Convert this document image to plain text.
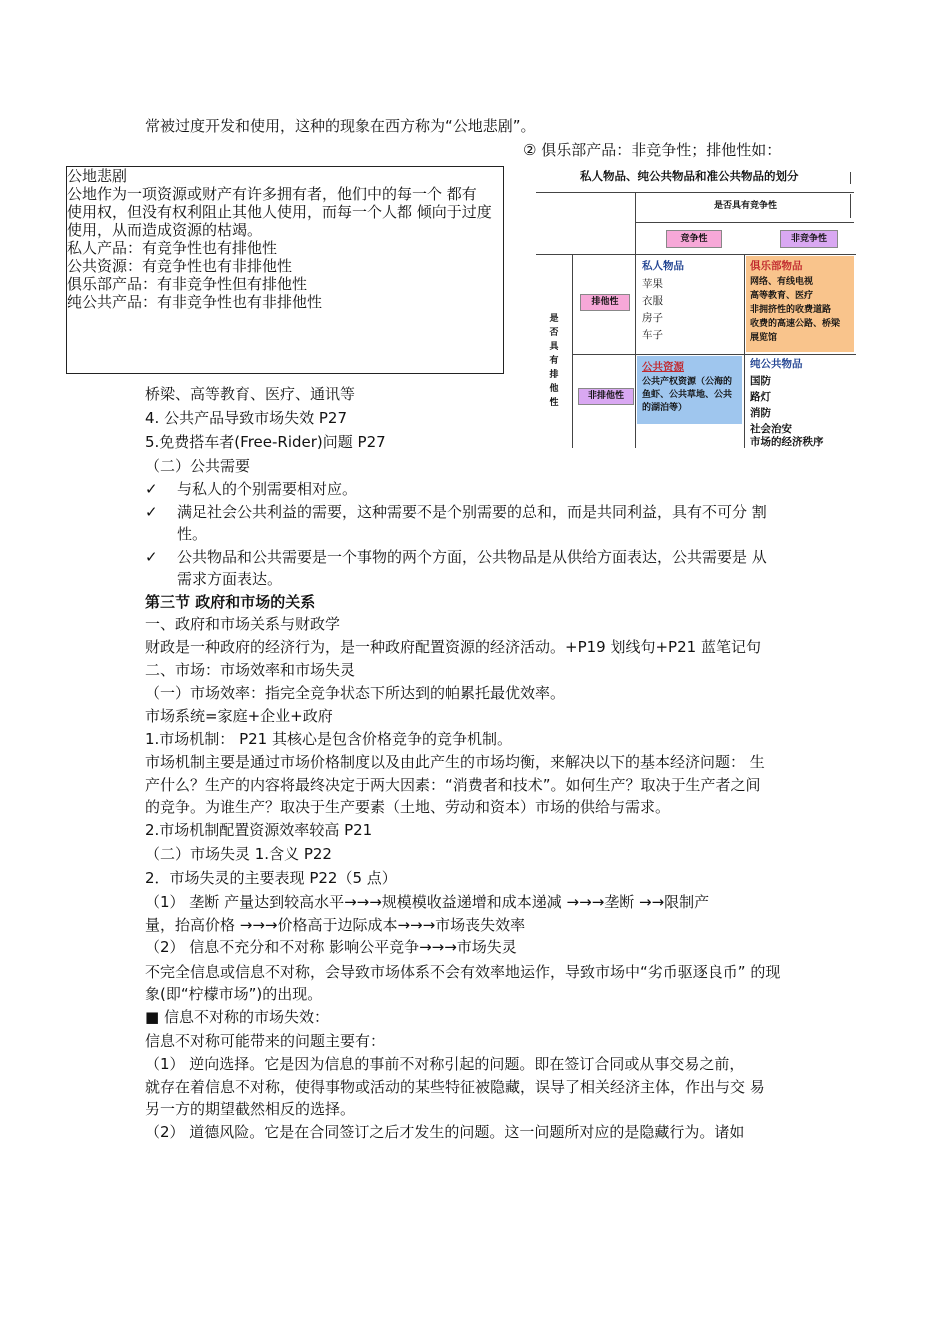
常被过度开发和使用，这种的现象在西方称为“公地悲剧”。
② 俱乐部产品：非竞争性；排他性如：
公地悲剧
公地作为一项资源或财产有许多拥有者，他们中的每一个 都有
使用权，但没有权利阻止其他人使用，而每一个人都 倾向于过度
使用，从而造成资源的枯竭。
私人产品：有竞争性也有排他性
公共资源：有竞争性也有非排他性
俱乐部产品：有非竞争性但有排他性
纯公共产品：有非竞争性也有非排他性
私人物品、纯公共物品和准公共物品的划分
是否具有竞争性
竞争性	非竞争性
是否具有排他性
排他性
非排他性
私人物品
苹果
衣服
房子
车子
俱乐部物品
网络、有线电视
高等教育、医疗
非拥挤性的收费道路
收费的高速公路、桥梁
展览馆
公共资源
公共产权资源（公海的
鱼虾、公共草地、公共
的湖泊等）
纯公共物品
国防
路灯
消防
社会治安
市场的经济秩序
桥梁、高等教育、医疗、通讯等
4. 公共产品导致市场失效 P27
5.免费搭车者(Free-Rider)问题 P27
（二）公共需要
✓ 与私人的个别需要相对应。
✓ 满足社会公共利益的需要，这种需要不是个别需要的总和，而是共同利益，具有不可分 割
性。
✓ 公共物品和公共需要是一个事物的两个方面，公共物品是从供给方面表达，公共需要是 从
需求方面表达。
第三节 政府和市场的关系
一、政府和市场关系与财政学
财政是一种政府的经济行为，是一种政府配置资源的经济活动。+P19 划线句+P21 蓝笔记句
二、市场：市场效率和市场失灵
（一）市场效率：指完全竞争状态下所达到的帕累托最优效率。
市场系统=家庭+企业+政府
1.市场机制： P21 其核心是包含价格竞争的竞争机制。
市场机制主要是通过市场价格制度以及由此产生的市场均衡，来解决以下的基本经济问题： 生
产什么？生产的内容将最终决定于两大因素：“消费者和技术”。如何生产？取决于生产者之间
的竞争。为谁生产？取决于生产要素（土地、劳动和资本）市场的供给与需求。
2.市场机制配置资源效率较高 P21
（二）市场失灵 1.含义 P22
2．市场失灵的主要表现 P22（5 点）
（1） 垄断 产量达到较高水平→→→规模模收益递增和成本递减 →→→垄断 →→限制产
量，抬高价格 →→→价格高于边际成本→→→市场丧失效率
（2） 信息不充分和不对称 影响公平竞争→→→市场失灵
不完全信息或信息不对称，会导致市场体系不会有效率地运作，导致市场中“劣币驱逐良币” 的现
象(即“柠檬市场”)的出现。
■ 信息不对称的市场失效：
信息不对称可能带来的问题主要有：
（1） 逆向选择。它是因为信息的事前不对称引起的问题。即在签订合同或从事交易之前，
就存在着信息不对称，使得事物或活动的某些特征被隐藏，误导了相关经济主体，作出与交 易
另一方的期望截然相反的选择。
（2） 道德风险。它是在合同签订之后才发生的问题。这一问题所对应的是隐藏行为。诸如
